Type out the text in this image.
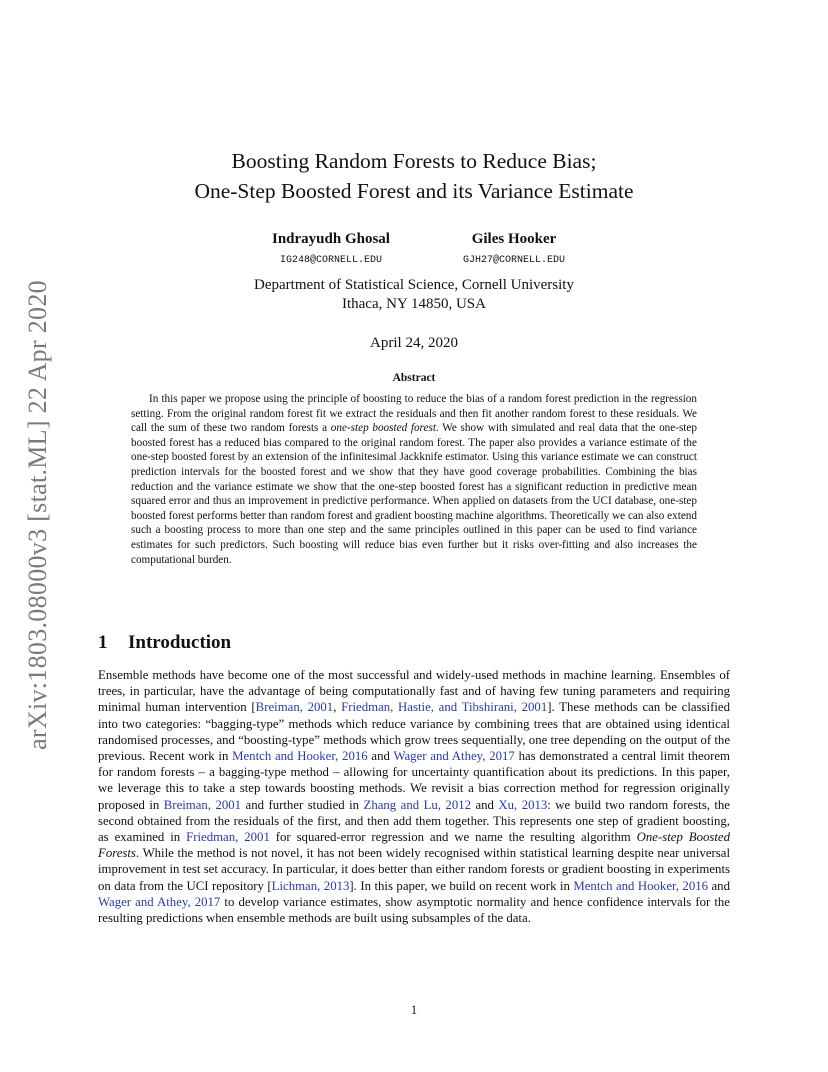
arXiv:1803.08000v3 [stat.ML] 22 Apr 2020
Boosting Random Forests to Reduce Bias;
One-Step Boosted Forest and its Variance Estimate
Indrayudh Ghosal
IG248@CORNELL.EDU
Giles Hooker
GJH27@CORNELL.EDU
Department of Statistical Science, Cornell University
Ithaca, NY 14850, USA
April 24, 2020
Abstract
In this paper we propose using the principle of boosting to reduce the bias of a random forest prediction in the regression setting. From the original random forest fit we extract the residuals and then fit another random forest to these residuals. We call the sum of these two random forests a one-step boosted forest. We show with simulated and real data that the one-step boosted forest has a reduced bias compared to the original random forest. The paper also provides a variance estimate of the one-step boosted forest by an extension of the infinitesimal Jackknife estimator. Using this variance estimate we can construct prediction intervals for the boosted forest and we show that they have good coverage probabilities. Combining the bias reduction and the variance estimate we show that the one-step boosted forest has a significant reduction in predictive mean squared error and thus an improvement in predictive performance. When applied on datasets from the UCI database, one-step boosted forest performs better than random forest and gradient boosting machine algorithms. Theoretically we can also extend such a boosting process to more than one step and the same principles outlined in this paper can be used to find variance estimates for such predictors. Such boosting will reduce bias even further but it risks over-fitting and also increases the computational burden.
1 Introduction
Ensemble methods have become one of the most successful and widely-used methods in machine learning. Ensembles of trees, in particular, have the advantage of being computationally fast and of having few tuning parameters and requiring minimal human intervention [Breiman, 2001, Friedman, Hastie, and Tibshirani, 2001]. These methods can be classified into two categories: “bagging-type” methods which reduce variance by combining trees that are obtained using identical randomised processes, and “boosting-type” methods which grow trees sequentially, one tree depending on the output of the previous. Recent work in Mentch and Hooker, 2016 and Wager and Athey, 2017 has demonstrated a central limit theorem for random forests – a bagging-type method – allowing for uncertainty quantification about its predictions. In this paper, we leverage this to take a step towards boosting methods. We revisit a bias correction method for regression originally proposed in Breiman, 2001 and further studied in Zhang and Lu, 2012 and Xu, 2013: we build two random forests, the second obtained from the residuals of the first, and then add them together. This represents one step of gradient boosting, as examined in Friedman, 2001 for squared-error regression and we name the resulting algorithm One-step Boosted Forests. While the method is not novel, it has not been widely recognised within statistical learning despite near universal improvement in test set accuracy. In particular, it does better than either random forests or gradient boosting in experiments on data from the UCI repository [Lichman, 2013]. In this paper, we build on recent work in Mentch and Hooker, 2016 and Wager and Athey, 2017 to develop variance estimates, show asymptotic normality and hence confidence intervals for the resulting predictions when ensemble methods are built using subsamples of the data.
1
